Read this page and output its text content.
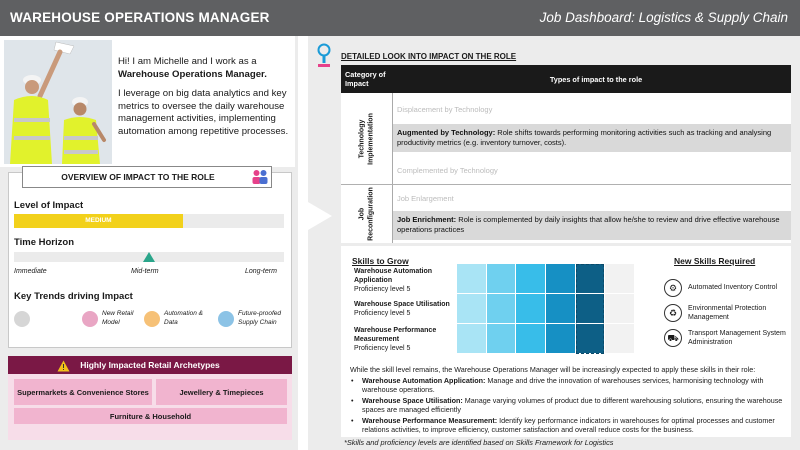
WAREHOUSE OPERATIONS MANAGER	Job Dashboard: Logistics & Supply Chain

Hi! I am Michelle and I work as a Warehouse Operations Manager.

I leverage on big data analytics and key metrics to oversee the daily warehouse management activities, implementing automation among repetitive processes.

OVERVIEW OF IMPACT TO THE ROLE
Level of Impact
MEDIUM
Time Horizon
Immediate	Mid-term	Long-term
Key Trends driving Impact
New Retail Model
Automation & Data
Future-proofed Supply Chain
Highly Impacted Retail Archetypes
Supermarkets & Convenience Stores	Jewellery & Timepieces
Furniture & Household
DETAILED LOOK INTO IMPACT ON THE ROLE
Category of Impact	Types of impact to the role
Technology Implementation
Displacement by Technology
Augmented by Technology: Role shifts towards performing monitoring activities such as tracking and analysing productivity metrics (e.g. inventory turnover, costs).
Complemented by Technology
Job Reconfiguration	Job Enlargement
Job Enrichment: Role is complemented by daily insights that allow he/she to review and drive effective warehouse operations practices
Skills to Grow
Warehouse Automation Application
Proficiency level 5
Warehouse Space Utilisation
Proficiency level 5
Warehouse Performance Measurement
Proficiency level 5
New Skills Required
⚙	Automated Inventory Control
♻	Environmental Protection Management
⛟	Transport Management System Administration
While the skill level remains, the Warehouse Operations Manager will be increasingly expected to apply these skills in their role:
• Warehouse Automation Application: Manage and drive the innovation of warehouses services, harmonising technology with warehouse operations.
• Warehouse Space Utilisation: Manage varying volumes of product due to different warehousing solutions, ensuring the warehouse spaces are managed efficiently
• Warehouse Performance Measurement: Identify key performance indicators in warehouses for optimal processes and customer relations activities, to improve efficiency, customer satisfaction and overall reduce costs for the business.
*Skills and proficiency levels are identified based on Skills Framework for Logistics
